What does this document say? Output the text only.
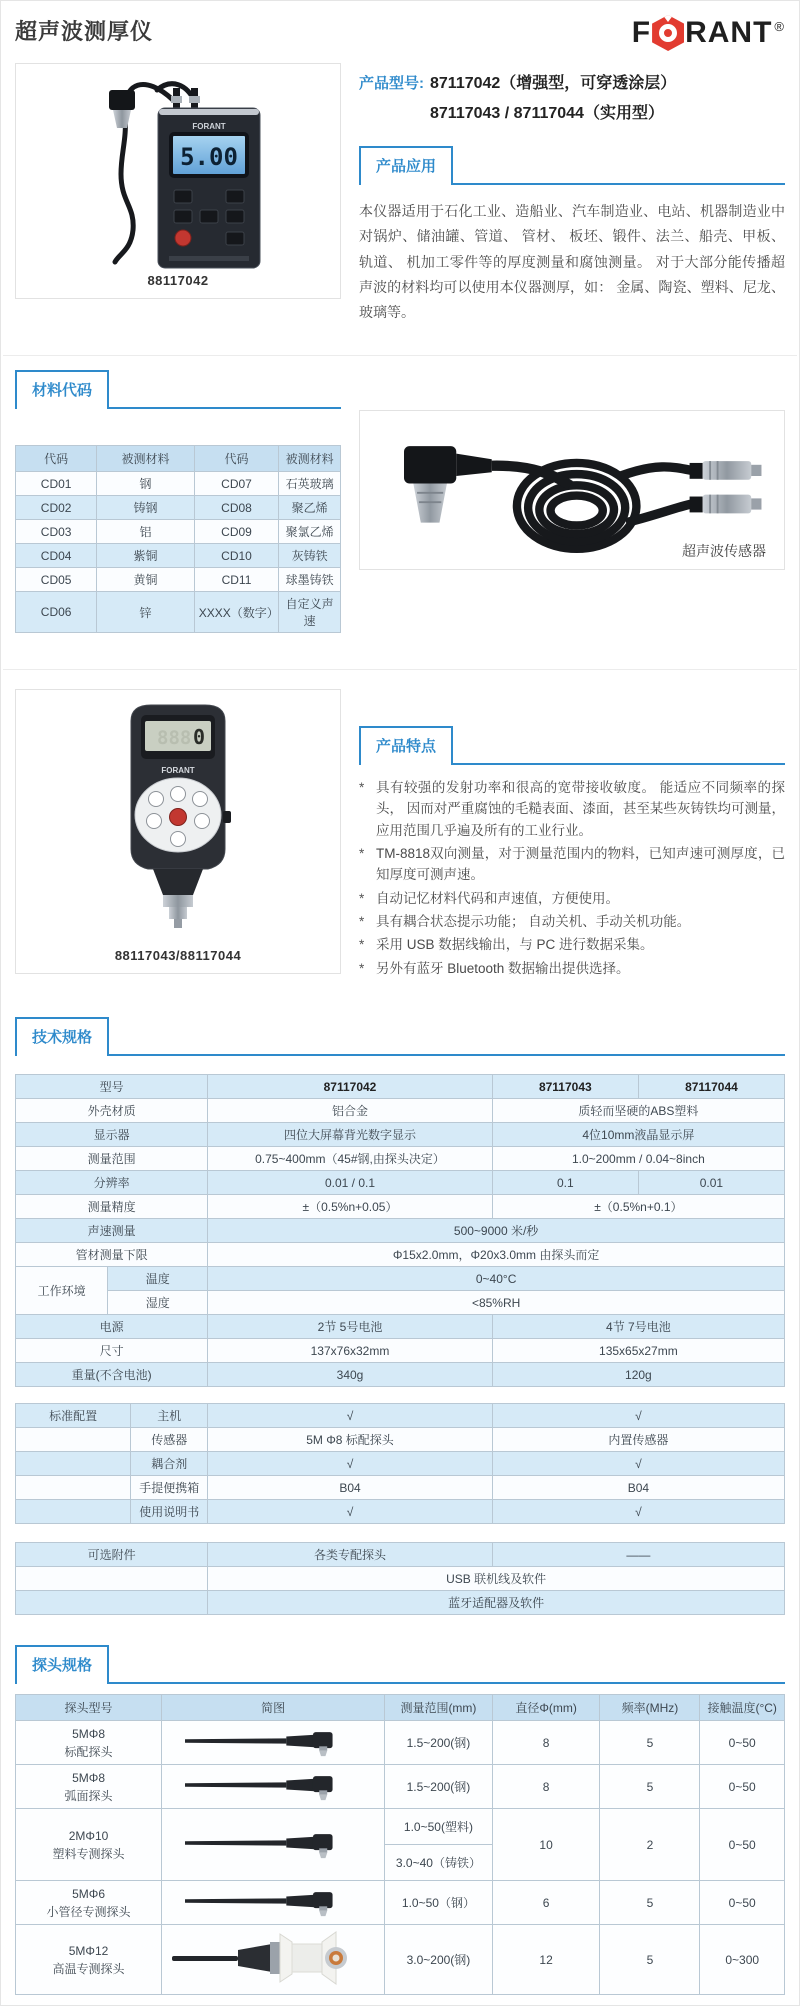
超声波测厚仪	F RANT®
FORANT
5.00
88117042
产品型号: 87117042（增强型，可穿透涂层）
87117043 / 87117044（实用型）
产品应用

本仪器适用于石化工业、造船业、汽车制造业、电站、机器制造业中对锅炉、储油罐、管道、 管材、 板坯、锻件、法兰、船壳、甲板、轨道、 机加工零件等的厚度测量和腐蚀测量。 对于大部分能传播超声波的材料均可以使用本仪器测厚，如： 金属、陶瓷、塑料、尼龙、玻璃等。

材料代码
代码	被测材料	代码	被测材料
CD01	钢	CD07	石英玻璃
CD02	铸钢	CD08	聚乙烯
CD03	铝	CD09	聚氯乙烯
CD04	紫铜	CD10	灰铸铁
CD05	黄铜	CD11	球墨铸铁
CD06	锌	XXXX（数字）	自定义声速
超声波传感器
888 0
FORANT
88117043/88117044
产品特点
* 具有较强的发射功率和很高的宽带接收敏度。 能适应不同频率的探头， 因而对严重腐蚀的毛糙表面、漆面，甚至某些灰铸铁均可测量， 应用范围几乎遍及所有的工业行业。
* TM-8818双向测量，对于测量范围内的物料，已知声速可测厚度，已知厚度可测声速。
* 自动记忆材料代码和声速值，方便使用。
* 具有耦合状态提示功能； 自动关机、手动关机功能。
* 采用 USB 数据线输出，与 PC 进行数据采集。
* 另外有蓝牙 Bluetooth 数据输出提供选择。
技术规格
型号		87117042	87117043	87117044
外壳材质		铝合金	质轻而坚硬的ABS塑料	
显示器		四位大屏幕背光数字显示	4位10mm液晶显示屏	
测量范围		0.75~400mm（45#钢,由探头决定）	1.0~200mm / 0.04~8inch	
分辨率		0.01 / 0.1	0.1	0.01
测量精度		±（0.5%n+0.05）	±（0.5%n+0.1）	
声速测量		500~9000 米/秒		
管材测量下限		Φ15x2.0mm，Φ20x3.0mm 由探头而定		
工作环境	温度	0~40°C		
	湿度	<85%RH		
电源		2节 5号电池	4节 7号电池	
尺寸		137x76x32mm	135x65x27mm	
重量(不含电池)		340g	120g	
标准配置	主机	√	√
	传感器	5M Φ8 标配探头	内置传感器
	耦合剂	√	√
	手提便携箱	B04	B04
	使用说明书	√	√
可选附件	各类专配探头	——
	USB 联机线及软件	
	蓝牙适配器及软件	
探头规格
探头型号	简图	测量范围(mm)	直径Φ(mm)	频率(MHz)	接触温度(°C)

5MΦ8
标配探头		1.5~200(钢)	8	5	0~50

5MΦ8
弧面探头		1.5~200(钢)	8	5	0~50

2MΦ10
塑料专测探头		1.0~50(塑料)	10	2	0~50
		3.0~40（铸铁）			

5MΦ6
小管径专测探头		1.0~50（钢）	6	5	0~50

5MΦ12
高温专测探头		3.0~200(钢)	12	5	0~300
